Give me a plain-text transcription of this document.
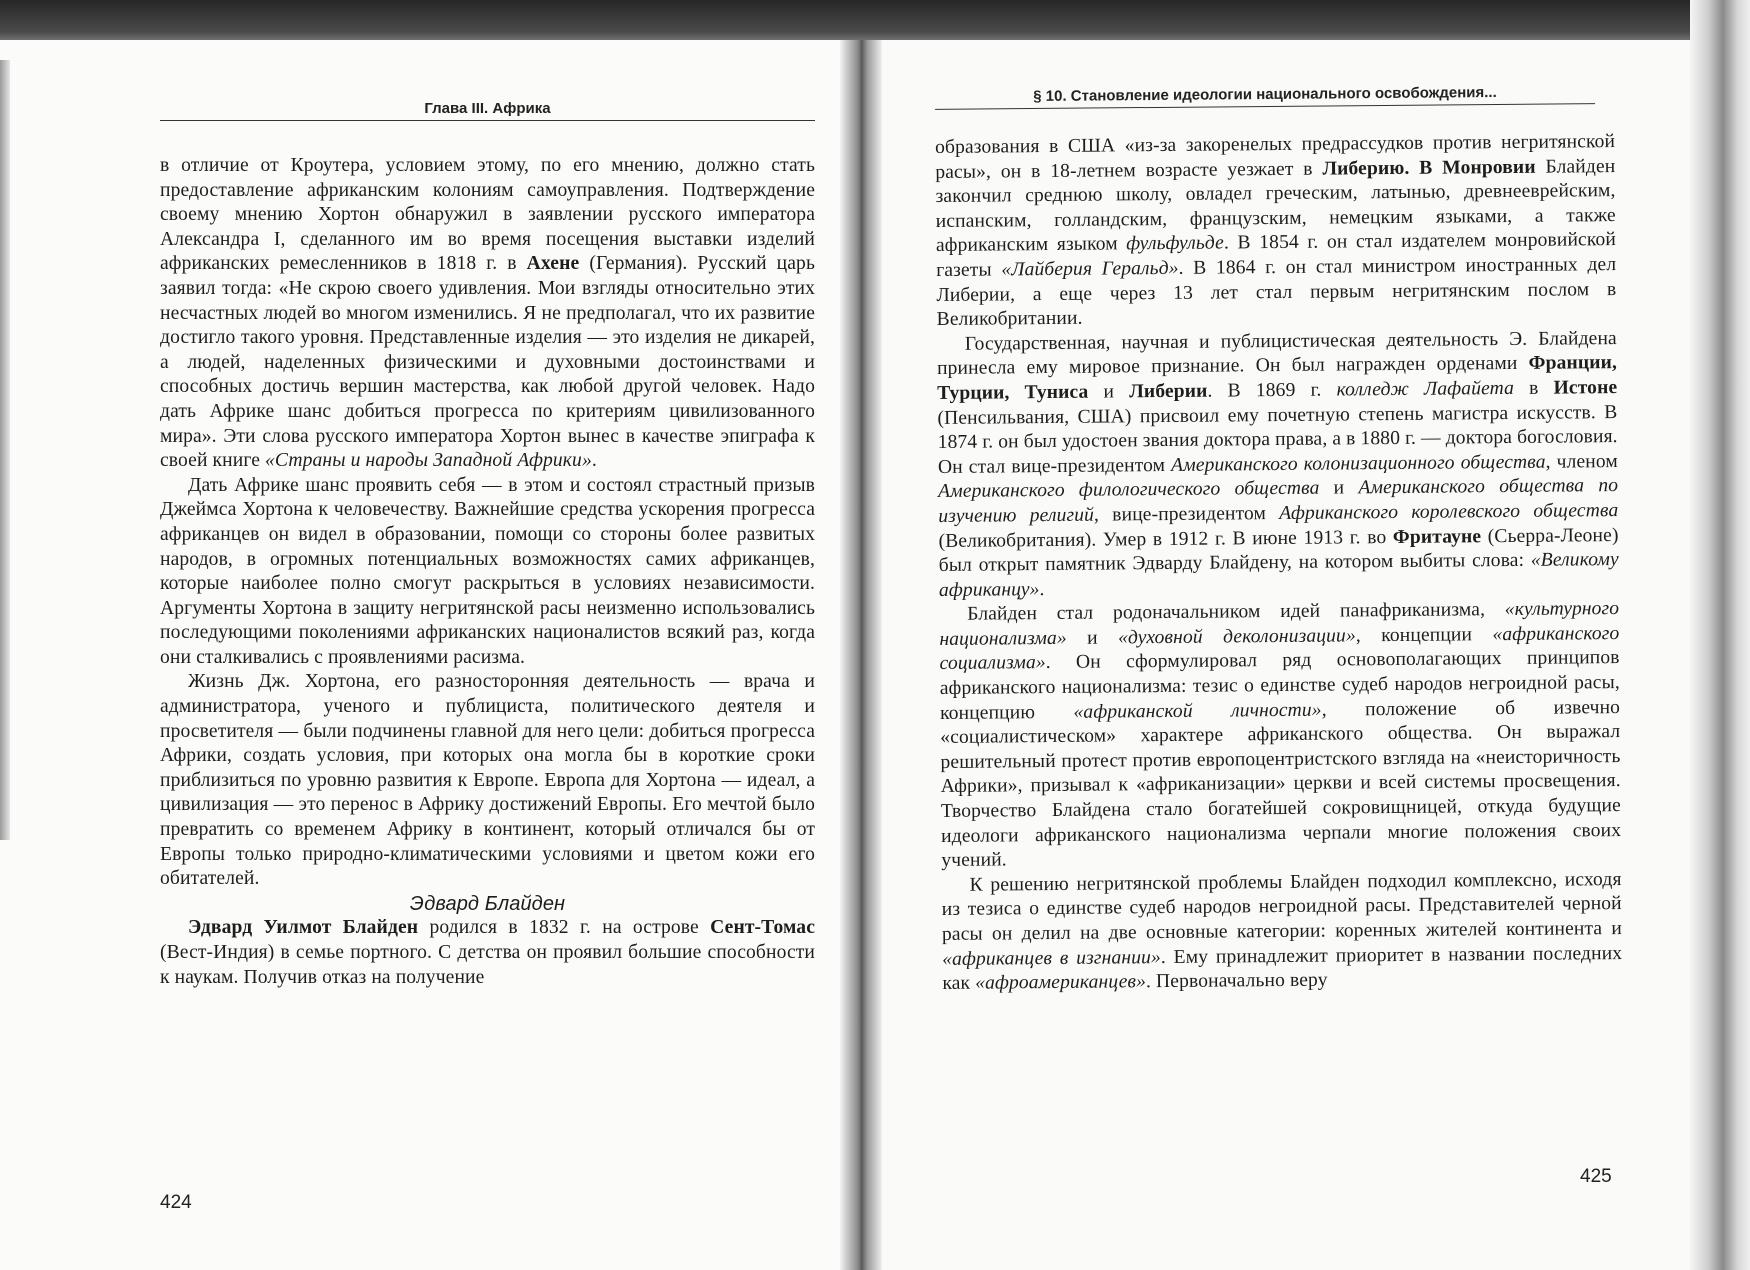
Глава III. Африка

в отличие от Кроутера, условием этому, по его мнению, должно стать предоставление африканским колониям самоуправления. Подтверждение своему мнению Хортон обнаружил в заявлении русского императора Александра I, сделанного им во время посещения выставки изделий африканских ремесленников в 1818 г. в Ахене (Германия). Русский царь заявил тогда: «Не скрою своего удивления. Мои взгляды относительно этих несчастных людей во многом изменились. Я не предполагал, что их развитие достигло такого уровня. Представленные изделия — это изделия не дикарей, а людей, наделенных физическими и духовными достоинствами и способных достичь вершин мастерства, как любой другой человек. Надо дать Африке шанс добиться прогресса по критериям цивилизованного мира». Эти слова русского императора Хортон вынес в качестве эпиграфа к своей книге «Страны и народы Западной Африки».

Дать Африке шанс проявить себя — в этом и состоял страстный призыв Джеймса Хортона к человечеству. Важнейшие средства ускорения прогресса африканцев он видел в образовании, помощи со стороны более развитых народов, в огромных потенциальных возможностях самих африканцев, которые наиболее полно смогут раскрыться в условиях независимости. Аргументы Хортона в защиту негритянской расы неизменно использовались последующими поколениями африканских националистов всякий раз, когда они сталкивались с проявлениями расизма.

Жизнь Дж. Хортона, его разносторонняя деятельность — врача и администратора, ученого и публициста, политического деятеля и просветителя — были подчинены главной для него цели: добиться прогресса Африки, создать условия, при которых она могла бы в короткие сроки приблизиться по уровню развития к Европе. Европа для Хортона — идеал, а цивилизация — это перенос в Африку достижений Европы. Его мечтой было превратить со временем Африку в континент, который отличался бы от Европы только природно-климатическими условиями и цветом кожи его обитателей.

Эдвард Блайден

Эдвард Уилмот Блайден родился в 1832 г. на острове Сент-Томас (Вест-Индия) в семье портного. С детства он проявил большие способности к наукам. Получив отказ на получение

424
§ 10. Становление идеологии национального освобождения...

образования в США «из-за закоренелых предрассудков против негритянской расы», он в 18-летнем возрасте уезжает в Либерию. В Монровии Блайден закончил среднюю школу, овладел греческим, латынью, древнееврейским, испанским, голландским, французским, немецким языками, а также африканским языком фульфульде. В 1854 г. он стал издателем монровийской газеты «Лайберия Геральд». В 1864 г. он стал министром иностранных дел Либерии, а еще через 13 лет стал первым негритянским послом в Великобритании.

Государственная, научная и публицистическая деятельность Э. Блайдена принесла ему мировое признание. Он был награжден орденами Франции, Турции, Туниса и Либерии. В 1869 г. колледж Лафайета в Истоне (Пенсильвания, США) присвоил ему почетную степень магистра искусств. В 1874 г. он был удостоен звания доктора права, а в 1880 г. — доктора богословия. Он стал вице-президентом Американского колонизационного общества, членом Американского филологического общества и Американского общества по изучению религий, вице-президентом Африканского королевского общества (Великобритания). Умер в 1912 г. В июне 1913 г. во Фритауне (Сьерра-Леоне) был открыт памятник Эдварду Блайдену, на котором выбиты слова: «Великому африканцу».

Блайден стал родоначальником идей панафриканизма, «культурного национализма» и «духовной деколонизации», концепции «африканского социализма». Он сформулировал ряд основополагающих принципов африканского национализма: тезис о единстве судеб народов негроидной расы, концепцию «африканской личности», положение об извечно «социалистическом» характере африканского общества. Он выражал решительный протест против европоцентристского взгляда на «неисторичность Африки», призывал к «африканизации» церкви и всей системы просвещения. Творчество Блайдена стало богатейшей сокровищницей, откуда будущие идеологи африканского национализма черпали многие положения своих учений.

К решению негритянской проблемы Блайден подходил комплексно, исходя из тезиса о единстве судеб народов негроидной расы. Представителей черной расы он делил на две основные категории: коренных жителей континента и «африканцев в изгнании». Ему принадлежит приоритет в названии последних как «афроамериканцев». Первоначально веру

425
